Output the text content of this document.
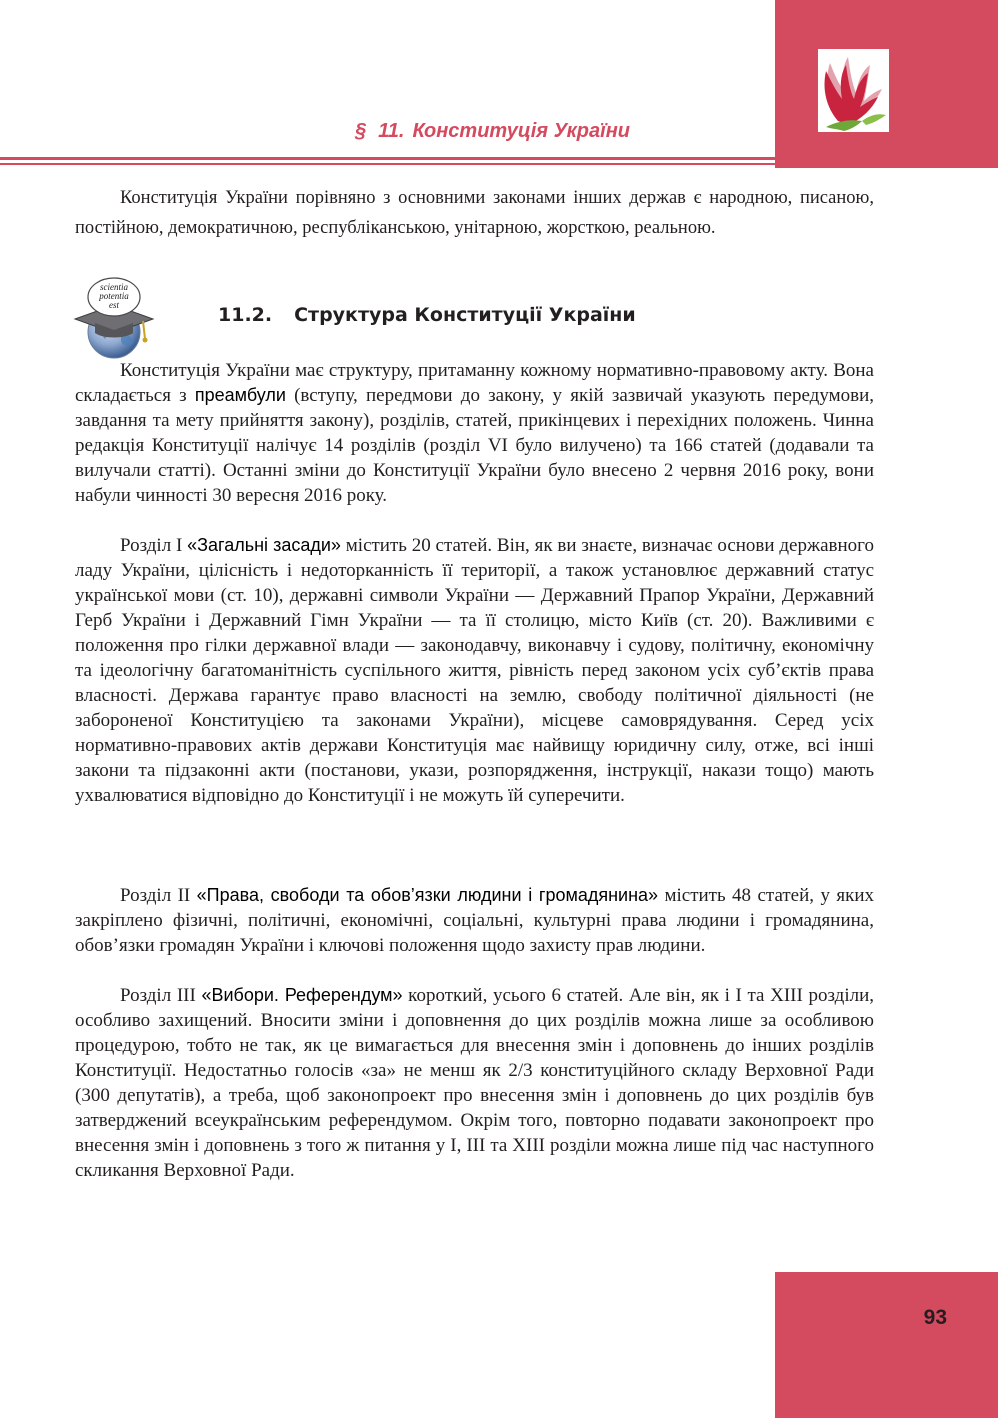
§ 11. Конституція України

Конституція України порівняно з основними законами інших держав є народною, писаною, постійною, демократичною, республіканською, унітарною, жорсткою, реальною.

scientia
potentia
est	11.2. Структура Конституції України

Конституція України має структуру, притаманну кожному нормативно-правовому акту. Вона складається з преамбули (вступу, передмови до закону, у якій зазвичай указують передумови, завдання та мету прийняття закону), розділів, статей, прикінцевих і перехідних положень. Чинна редакція Конституції налічує 14 розділів (розділ VI було вилучено) та 166 статей (додавали та вилучали статті). Останні зміни до Конституції України було внесено 2 червня 2016 року, вони набули чинності 30 вересня 2016 року.

Розділ I «Загальні засади» містить 20 статей. Він, як ви знаєте, визначає основи державного ладу України, цілісність і недоторканність її території, а також установлює державний статус української мови (ст. 10), державні символи України — Державний Прапор України, Державний Герб України і Державний Гімн України — та її столицю, місто Київ (ст. 20). Важливими є положення про гілки державної влади — законодавчу, виконавчу і судову, політичну, економічну та ідеологічну багатоманітність суспільного життя, рівність перед законом усіх суб’єктів права власності. Держава гарантує право власності на землю, свободу політичної діяльності (не забороненої Конституцією та законами України), місцеве самоврядування. Серед усіх нормативно-правових актів держави Конституція має найвищу юридичну силу, отже, всі інші закони та підзаконні акти (постанови, укази, розпорядження, інструкції, накази тощо) мають ухвалюватися відповідно до Конституції і не можуть їй суперечити.

Розділ II «Права, свободи та обов’язки людини і громадянина» містить 48 статей, у яких закріплено фізичні, політичні, економічні, соціальні, культурні права людини і громадянина, обов’язки громадян України і ключові положення щодо захисту прав людини.

Розділ III «Вибори. Референдум» короткий, усього 6 статей. Але він, як і I та XIII розділи, особливо захищений. Вносити зміни і доповнення до цих розділів можна лише за особливою процедурою, тобто не так, як це вимагається для внесення змін і доповнень до інших розділів Конституції. Недостатньо голосів «за» не менш як 2/3 конституційного складу Верховної Ради (300 депутатів), а треба, щоб законопроект про внесення змін і доповнень до цих розділів був затверджений всеукраїнським референдумом. Окрім того, повторно подавати законопроект про внесення змін і доповнень з того ж питання у I, III та XIII розділи можна лише під час наступного скликання Верховної Ради.

93
